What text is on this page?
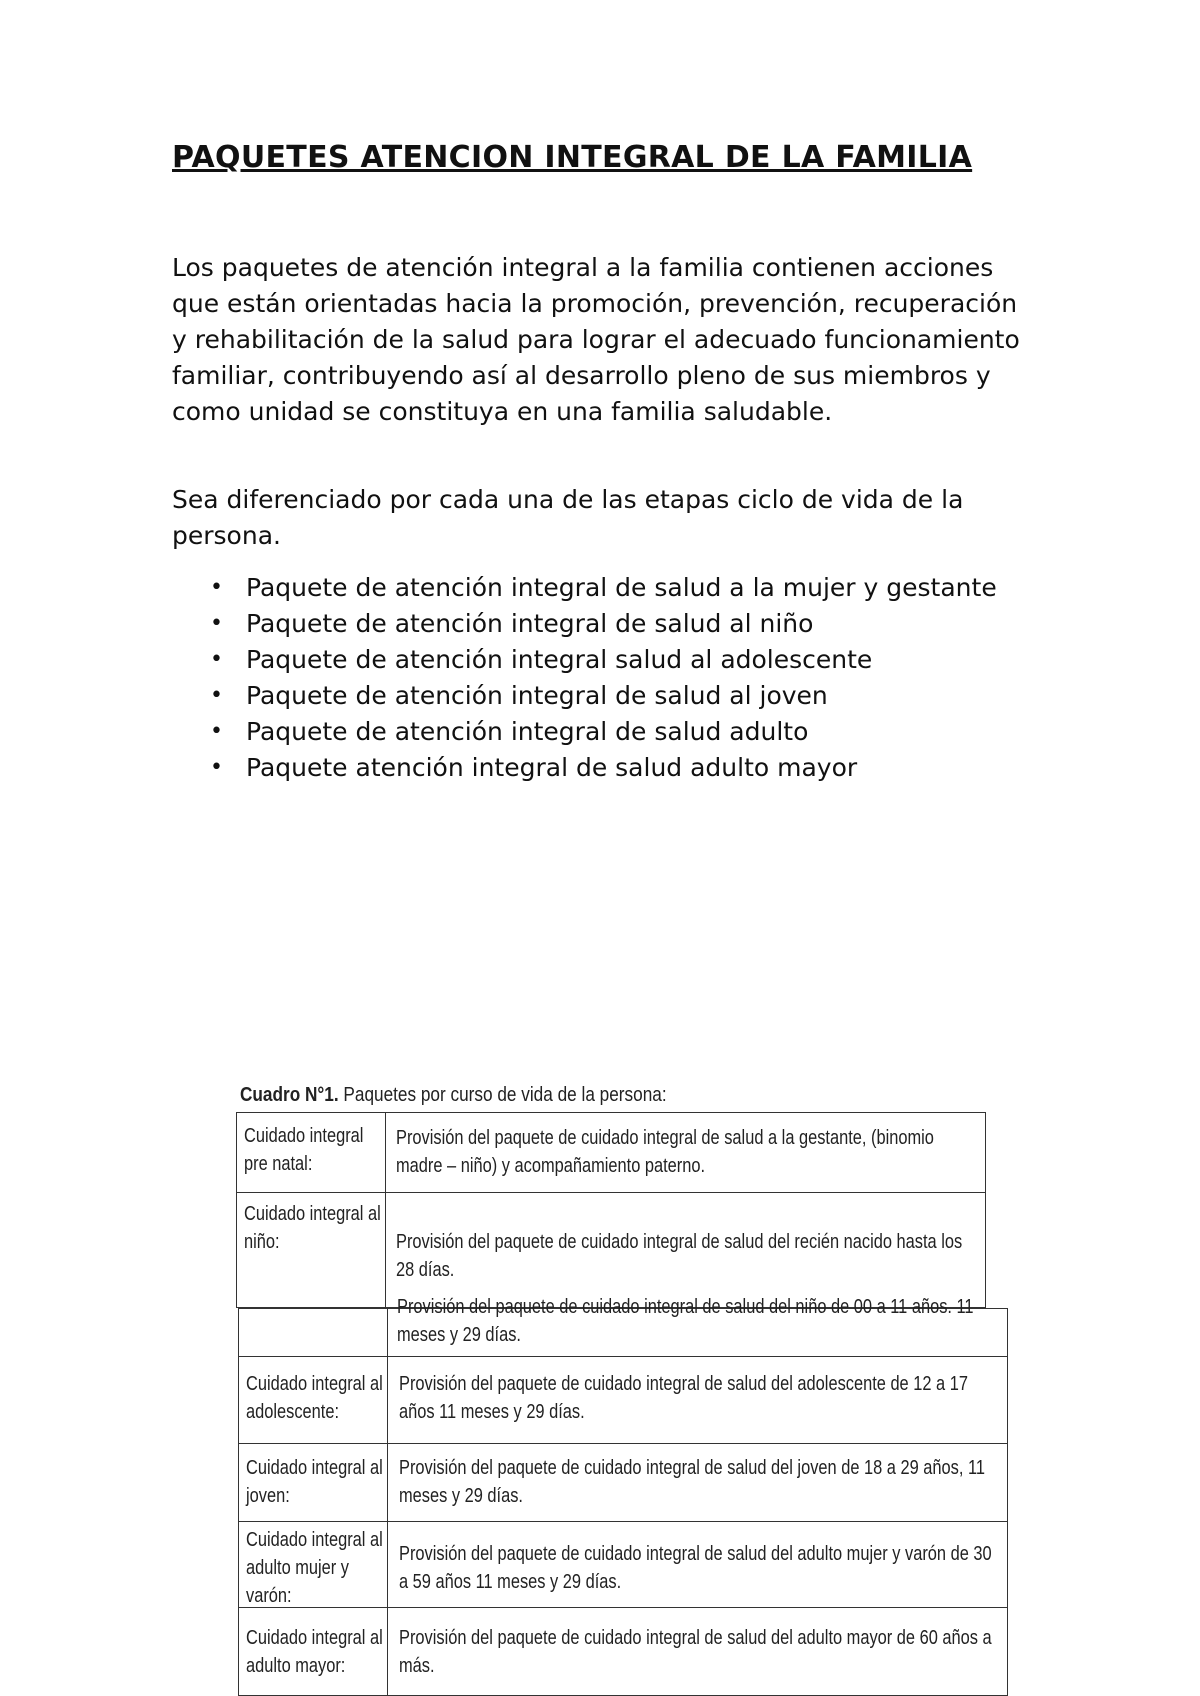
PAQUETES ATENCION INTEGRAL DE LA FAMILIA

Los paquetes de atención integral a la familia contienen acciones que están orientadas hacia la promoción, prevención, recuperación y rehabilitación de la salud para lograr el adecuado funcionamiento familiar, contribuyendo así al desarrollo pleno de sus miembros y como unidad se constituya en una familia saludable.

Sea diferenciado por cada una de las etapas ciclo de vida de la persona.

• Paquete de atención integral de salud a la mujer y gestante
• Paquete de atención integral de salud al niño
• Paquete de atención integral salud al adolescente
• Paquete de atención integral de salud al joven
• Paquete de atención integral de salud adulto
• Paquete atención integral de salud adulto mayor
Cuadro N°1. Paquetes por curso de vida de la persona:
Cuidado integral pre natal:
Provisión del paquete de cuidado integral de salud a la gestante, (binomio madre – niño) y acompañamiento paterno.
Cuidado integral al niño:	Provisión del paquete de cuidado integral de salud del recién nacido hasta los 28 días.
Provisión del paquete de cuidado integral de salud del niño de 00 a 11 años. 11 meses y 29 días.
Cuidado integral al adolescente:
Provisión del paquete de cuidado integral de salud del adolescente de 12 a 17 años 11 meses y 29 días.
Cuidado integral al joven:
Provisión del paquete de cuidado integral de salud del joven de 18 a 29 años, 11 meses y 29 días.
Cuidado integral al adulto mujer y varón:
Provisión del paquete de cuidado integral de salud del adulto mujer y varón de 30 a 59 años 11 meses y 29 días.
Cuidado integral al adulto mayor:
Provisión del paquete de cuidado integral de salud del adulto mayor de 60 años a más.
